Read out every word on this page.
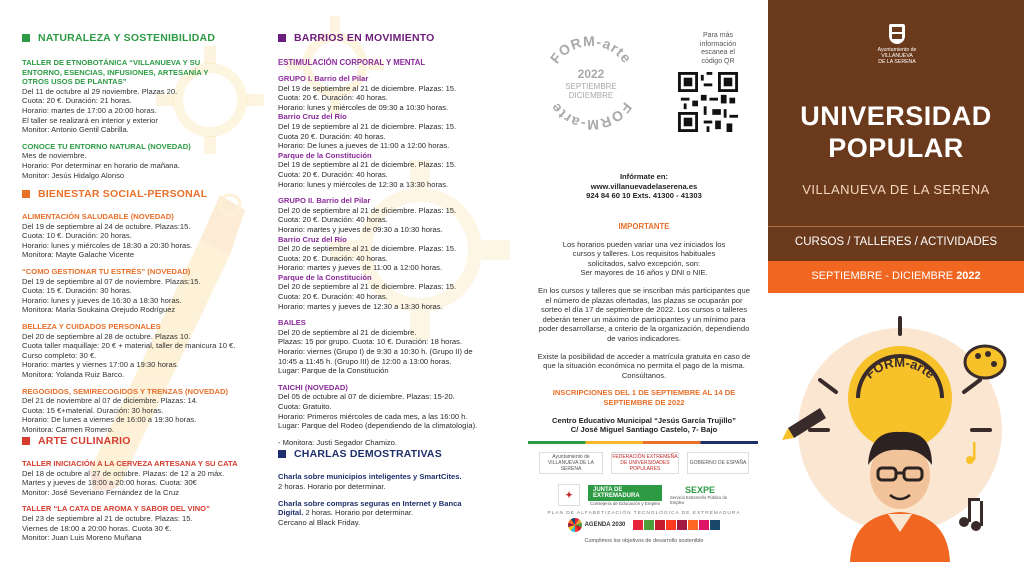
NATURALEZA Y SOSTENIBILIDAD
TALLER DE ETNOBOTÁNICA “VILLANUEVA Y SU
ENTORNO, ESENCIAS, INFUSIONES, ARTESANÍA Y
OTROS USOS DE PLANTAS”
Del 11 de octubre al 29 noviembre. Plazas 20.
Cuota: 20 €. Duración: 21 horas.
Horario: martes de 17:00 a 20:00 horas.
El taller se realizará en interior y exterior
Monitor: Antonio Gentil Cabrilla.
CONOCE TU ENTORNO NATURAL (NOVEDAD)
Mes de noviembre.
Horario: Por determinar en horario de mañana.
Monitor: Jesús Hidalgo Alonso
BIENESTAR SOCIAL-PERSONAL
ALIMENTACIÓN SALUDABLE (NOVEDAD)
Del 19 de septiembre al 24 de octubre. Plazas:15.
Cuota: 10 €. Duración: 20 horas.
Horario: lunes y miércoles de 18:30 a 20:30 horas.
Monitora: Mayte Galache Vicente
“COMO GESTIONAR TU ESTRÉS” (NOVEDAD)
Del 19 de septiembre al 07 de noviembre. Plazas:15.
Cuota: 15 €. Duración: 30 horas.
Horario: lunes y jueves de 16:30 a 18:30 horas.
Monitora: María Soukaina Orejudo Rodríguez
BELLEZA Y CUIDADOS PERSONALES
Del 20 de septiembre al 28 de octubre. Plazas 10.
Cuota taller maquillaje: 20 € + material, taller de manicura 10 €.
Curso completo: 30 €.
Horario: martes y viernes 17:00 a 19:30 horas.
Monitora: Yolanda Ruiz Barco.
REGOGIDOS, SEMIRECOGIDOS Y TRENZAS (NOVEDAD)
Del 21 de noviembre al 07 de diciembre. Plazas: 14.
Cuota: 15 €+material. Duración: 30 horas.
Horario: De lunes a viernes de 16:00 a 19:30 horas.
Monitora: Carmen Romero.
ARTE CULINARIO
TALLER INICIACIÓN A LA CERVEZA ARTESANA Y SU CATA
Del 18 de octubre al 27 de octubre. Plazas: de 12 a 20 máx.
Martes y jueves de 18:00 a 20:00 horas. Cuota: 30€
Monitor: José Severiano Fernández de la Cruz
TALLER “LA CATA DE AROMA Y SABOR DEL VINO”
Del 23 de septiembre al 21 de octubre. Plazas: 15.
Viernes de 18:00 a 20:00 horas. Cuota 30 €.
Monitor: Juan Luis Moreno Muñana
BARRIOS EN MOVIMIENTO
ESTIMULACIÓN CORPORAL Y MENTAL
GRUPO I. Barrio del Pilar
Del 19 de septiembre al 21 de diciembre. Plazas: 15.
Cuota: 20 €. Duración: 40 horas.
Horario: lunes y miércoles de 09:30 a 10:30 horas.
Barrio Cruz del Río
Del 19 de septiembre al 21 de diciembre. Plazas: 15.
Cuota 20 €. Duración: 40 horas.
Horario: De lunes a jueves de 11:00 a 12:00 horas.
Parque de la Constitución
Del 19 de septiembre al 21 de diciembre. Plazas: 15.
Cuota: 20 €. Duración: 40 horas.
Horario: lunes y miércoles de 12:30 a 13:30 horas.
GRUPO II. Barrio del Pilar
Del 20 de septiembre al 21 de diciembre. Plazas: 15.
Cuota: 20 €. Duración: 40 horas.
Horario: martes y jueves de 09:30 a 10:30 horas.
Barrio Cruz del Río
Del 20 de septiembre al 21 de diciembre. Plazas: 15.
Cuota: 20 €. Duración: 40 horas.
Horario: martes y jueves de 11:00 a 12:00 horas.
Parque de la Constitución
Del 20 de septiembre al 21 de diciembre. Plazas: 15.
Cuota: 20 €. Duración: 40 horas.
Horario: martes y jueves de 12:30 a 13:30 horas.
BAILES
Del 20 de septiembre al 21 de diciembre.
Plazas: 15 por grupo. Cuota: 10 €. Duración: 18 horas.
Horario: viernes (Grupo I) de 9:30 a 10:30 h. (Grupo II) de
10:45 a 11:45 h. (Grupo III) de 12:00 a 13:00 horas.
Lugar: Parque de la Constitución
TAICHI (NOVEDAD)
Del 05 de octubre al 07 de diciembre. Plazas: 15-20.
Cuota: Gratuito.
Horario: Primeros miércoles de cada mes, a las 16:00 h.
Lugar: Parque del Rodeo (dependiendo de la climatología).
- Monitora: Justi Segador Chamizo.
CHARLAS DEMOSTRATIVAS
Charla sobre municipios inteligentes y SmartCites.
2 horas. Horario por determinar.
Charla sobre compras seguras en Internet y Banca
Digital. 2 horas. Horario por determinar.
Cercano al Black Friday.
FORM-arte
FORM-arte
2022
SEPTIEMBRE
DICIEMBRE
Para más
información
escanea el
código QR
Infórmate en:
www.villanuevadelaserena.es
924 84 60 10 Exts. 41300 - 41303
IMPORTANTE
Los horarios pueden variar una vez iniciados los
cursos y talleres. Los requisitos habituales
solicitados, salvo excepción, son:
Ser mayores de 16 años y DNI o NIE.
En los cursos y talleres que se inscriban más participantes que
el número de plazas ofertadas, las plazas se ocuparán por
sorteo el día 17 de septiembre de 2022. Los cursos o talleres
deberán tener un máximo de participantes y un mínimo para
poder desarrollarse, a criterio de la organización, dependiendo
de varios indicadores.
Existe la posibilidad de acceder a matrícula gratuita en caso de
que la situación económica no permita el pago de la misma.
Consúltanos.
INSCRIPCIONES DEL 1 DE SEPTIEMBRE AL 14 DE
SEPTIEMBRE DE 2022
Centro Educativo Municipal “Jesús García Trujillo”
C/ José Miguel Santiago Castelo, 7- Bajo
Ayuntamiento de VILLANUEVA DE LA SERENA
FEDERACIÓN EXTREMEÑA DE UNIVERSIDADES POPULARES
GOBIERNO DE ESPAÑA
✦	JUNTA DE EXTREMADURA
Consejería de Educación y Empleo
SEXPE
Servicio Extremeño Público de Empleo
PLAN DE ALFABETIZACIÓN TECNOLÓGICA DE EXTREMADURA
AGENDA 2030
Cumplimos los objetivos de desarrollo sostenible
Ayuntamiento de
VILLANUEVA
DE LA SERENA
UNIVERSIDAD
POPULAR
VILLANUEVA DE LA SERENA
CURSOS / TALLERES / ACTIVIDADES
SEPTIEMBRE - DICIEMBRE 2022
FORM-arte
